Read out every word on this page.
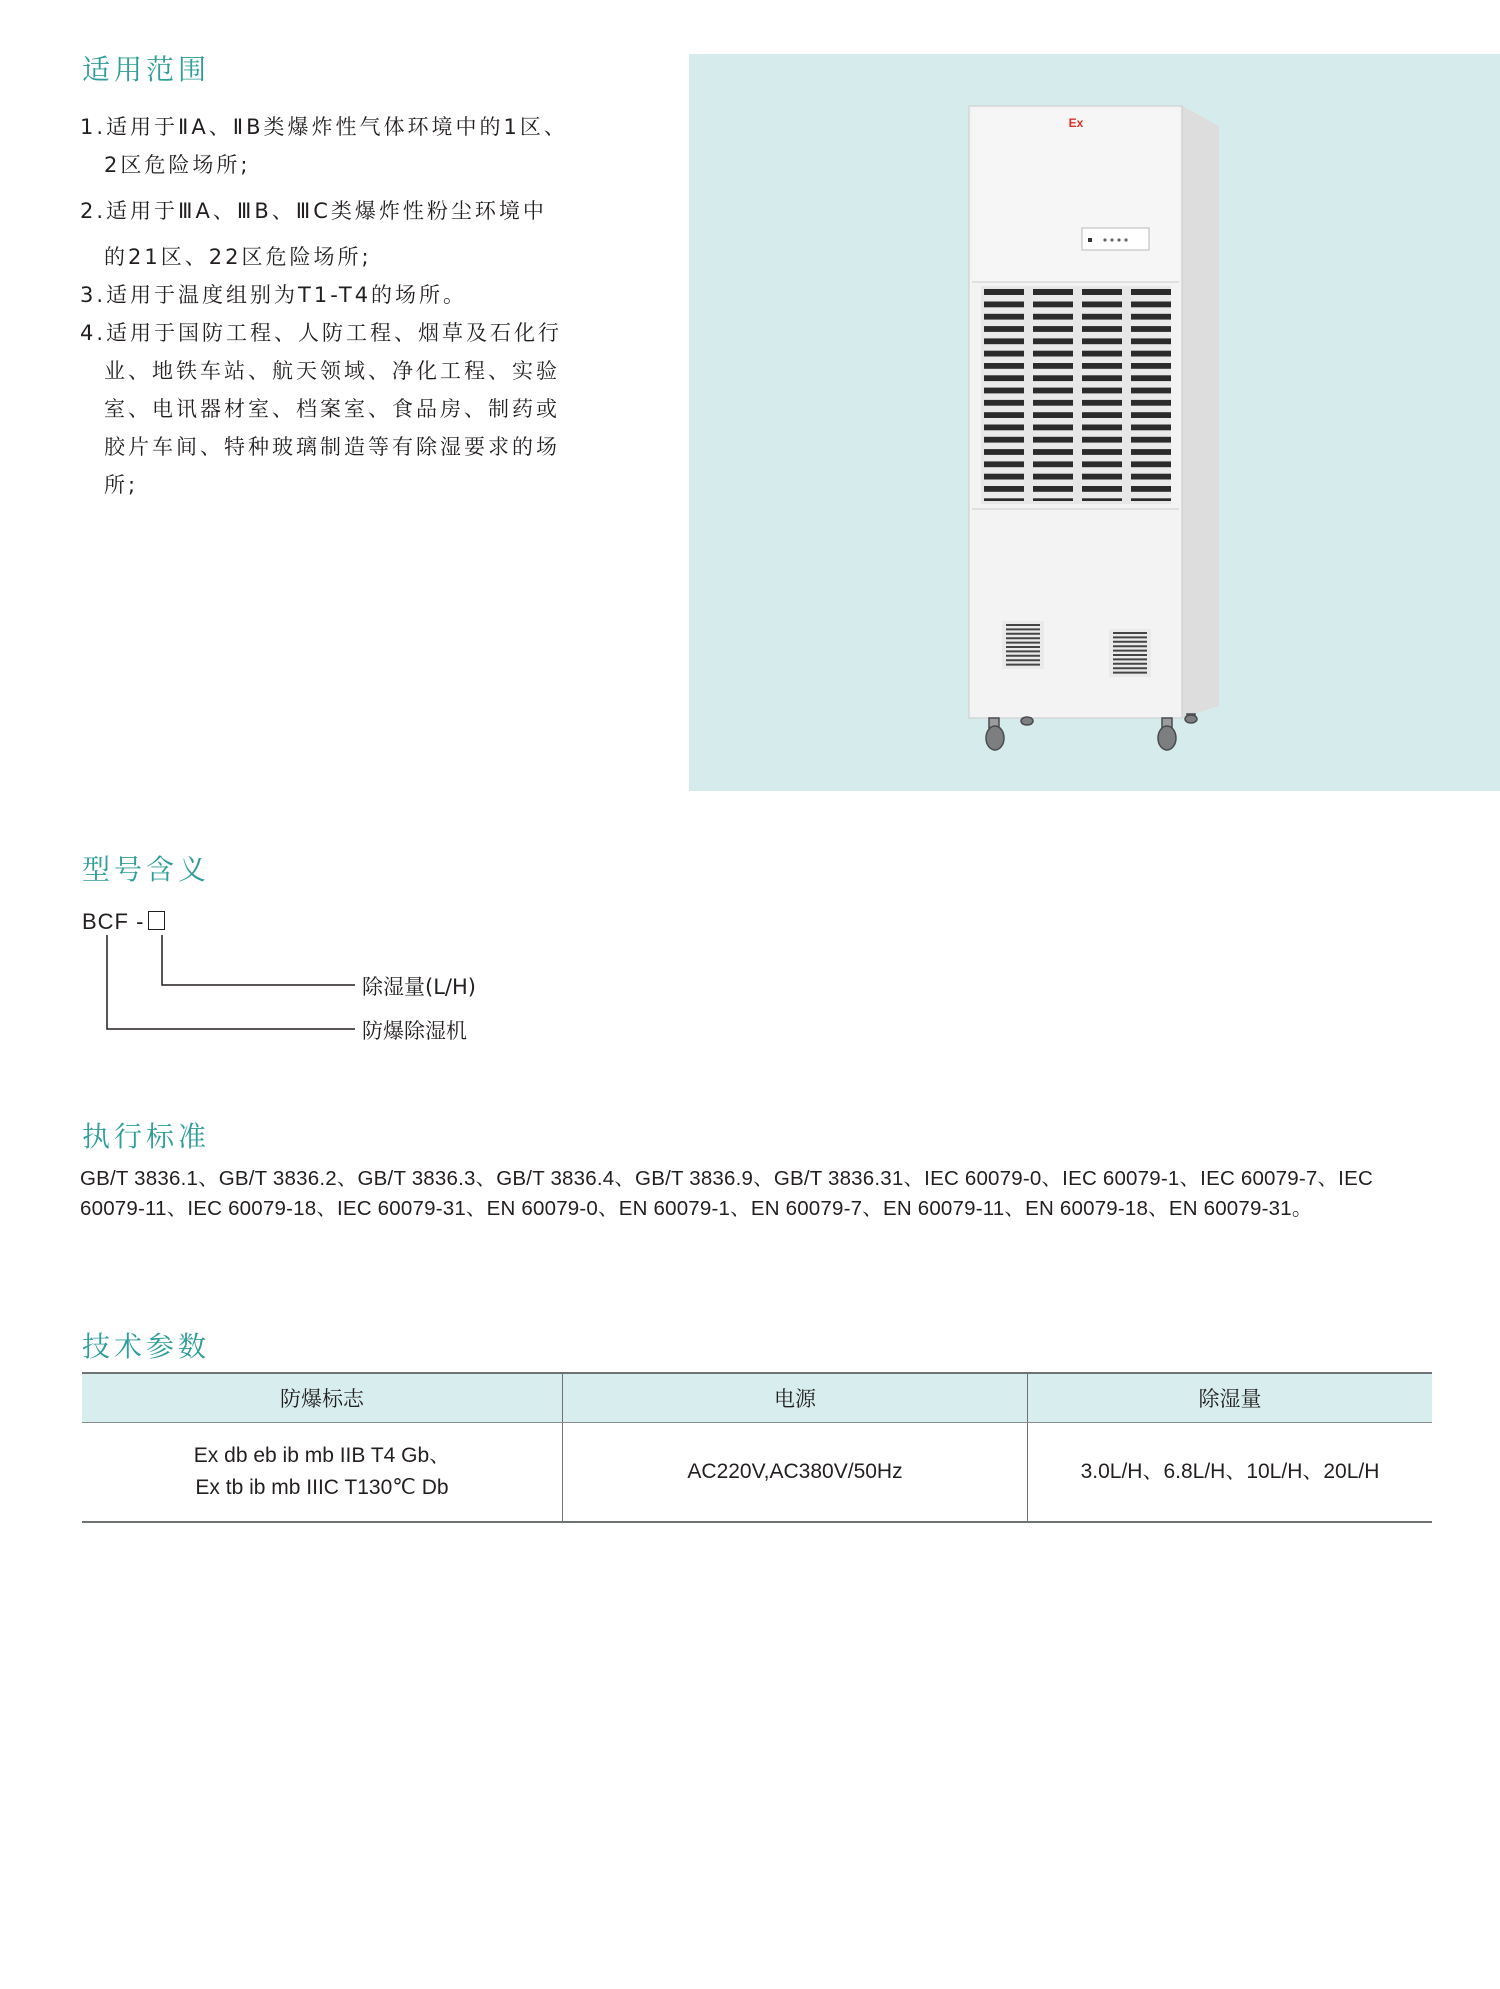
适用范围
1.适用于ⅡA、ⅡB类爆炸性气体环境中的1区、
2区危险场所;
2.适用于ⅢA、ⅢB、ⅢC类爆炸性粉尘环境中
的21区、22区危险场所;
3.适用于温度组别为T1-T4的场所。
4.适用于国防工程、人防工程、烟草及石化行
业、地铁车站、航天领域、净化工程、实验
室、电讯器材室、档案室、食品房、制药或
胶片车间、特种玻璃制造等有除湿要求的场
所;
Ex
型号含义
BCF -
除湿量(L/H)
防爆除湿机
执行标准

GB/T 3836.1、GB/T 3836.2、GB/T 3836.3、GB/T 3836.4、GB/T 3836.9、GB/T 3836.31、IEC 60079-0、IEC 60079-1、IEC 60079-7、IEC 60079-11、IEC 60079-18、IEC 60079-31、EN 60079-0、EN 60079-1、EN 60079-7、EN 60079-11、EN 60079-18、EN 60079-31。

技术参数
防爆标志	电源	除湿量

Ex db eb ib mb IIB T4 Gb、
Ex tb ib mb IIIC T130℃ Db	AC220V,AC380V/50Hz	3.0L/H、6.8L/H、10L/H、20L/H
